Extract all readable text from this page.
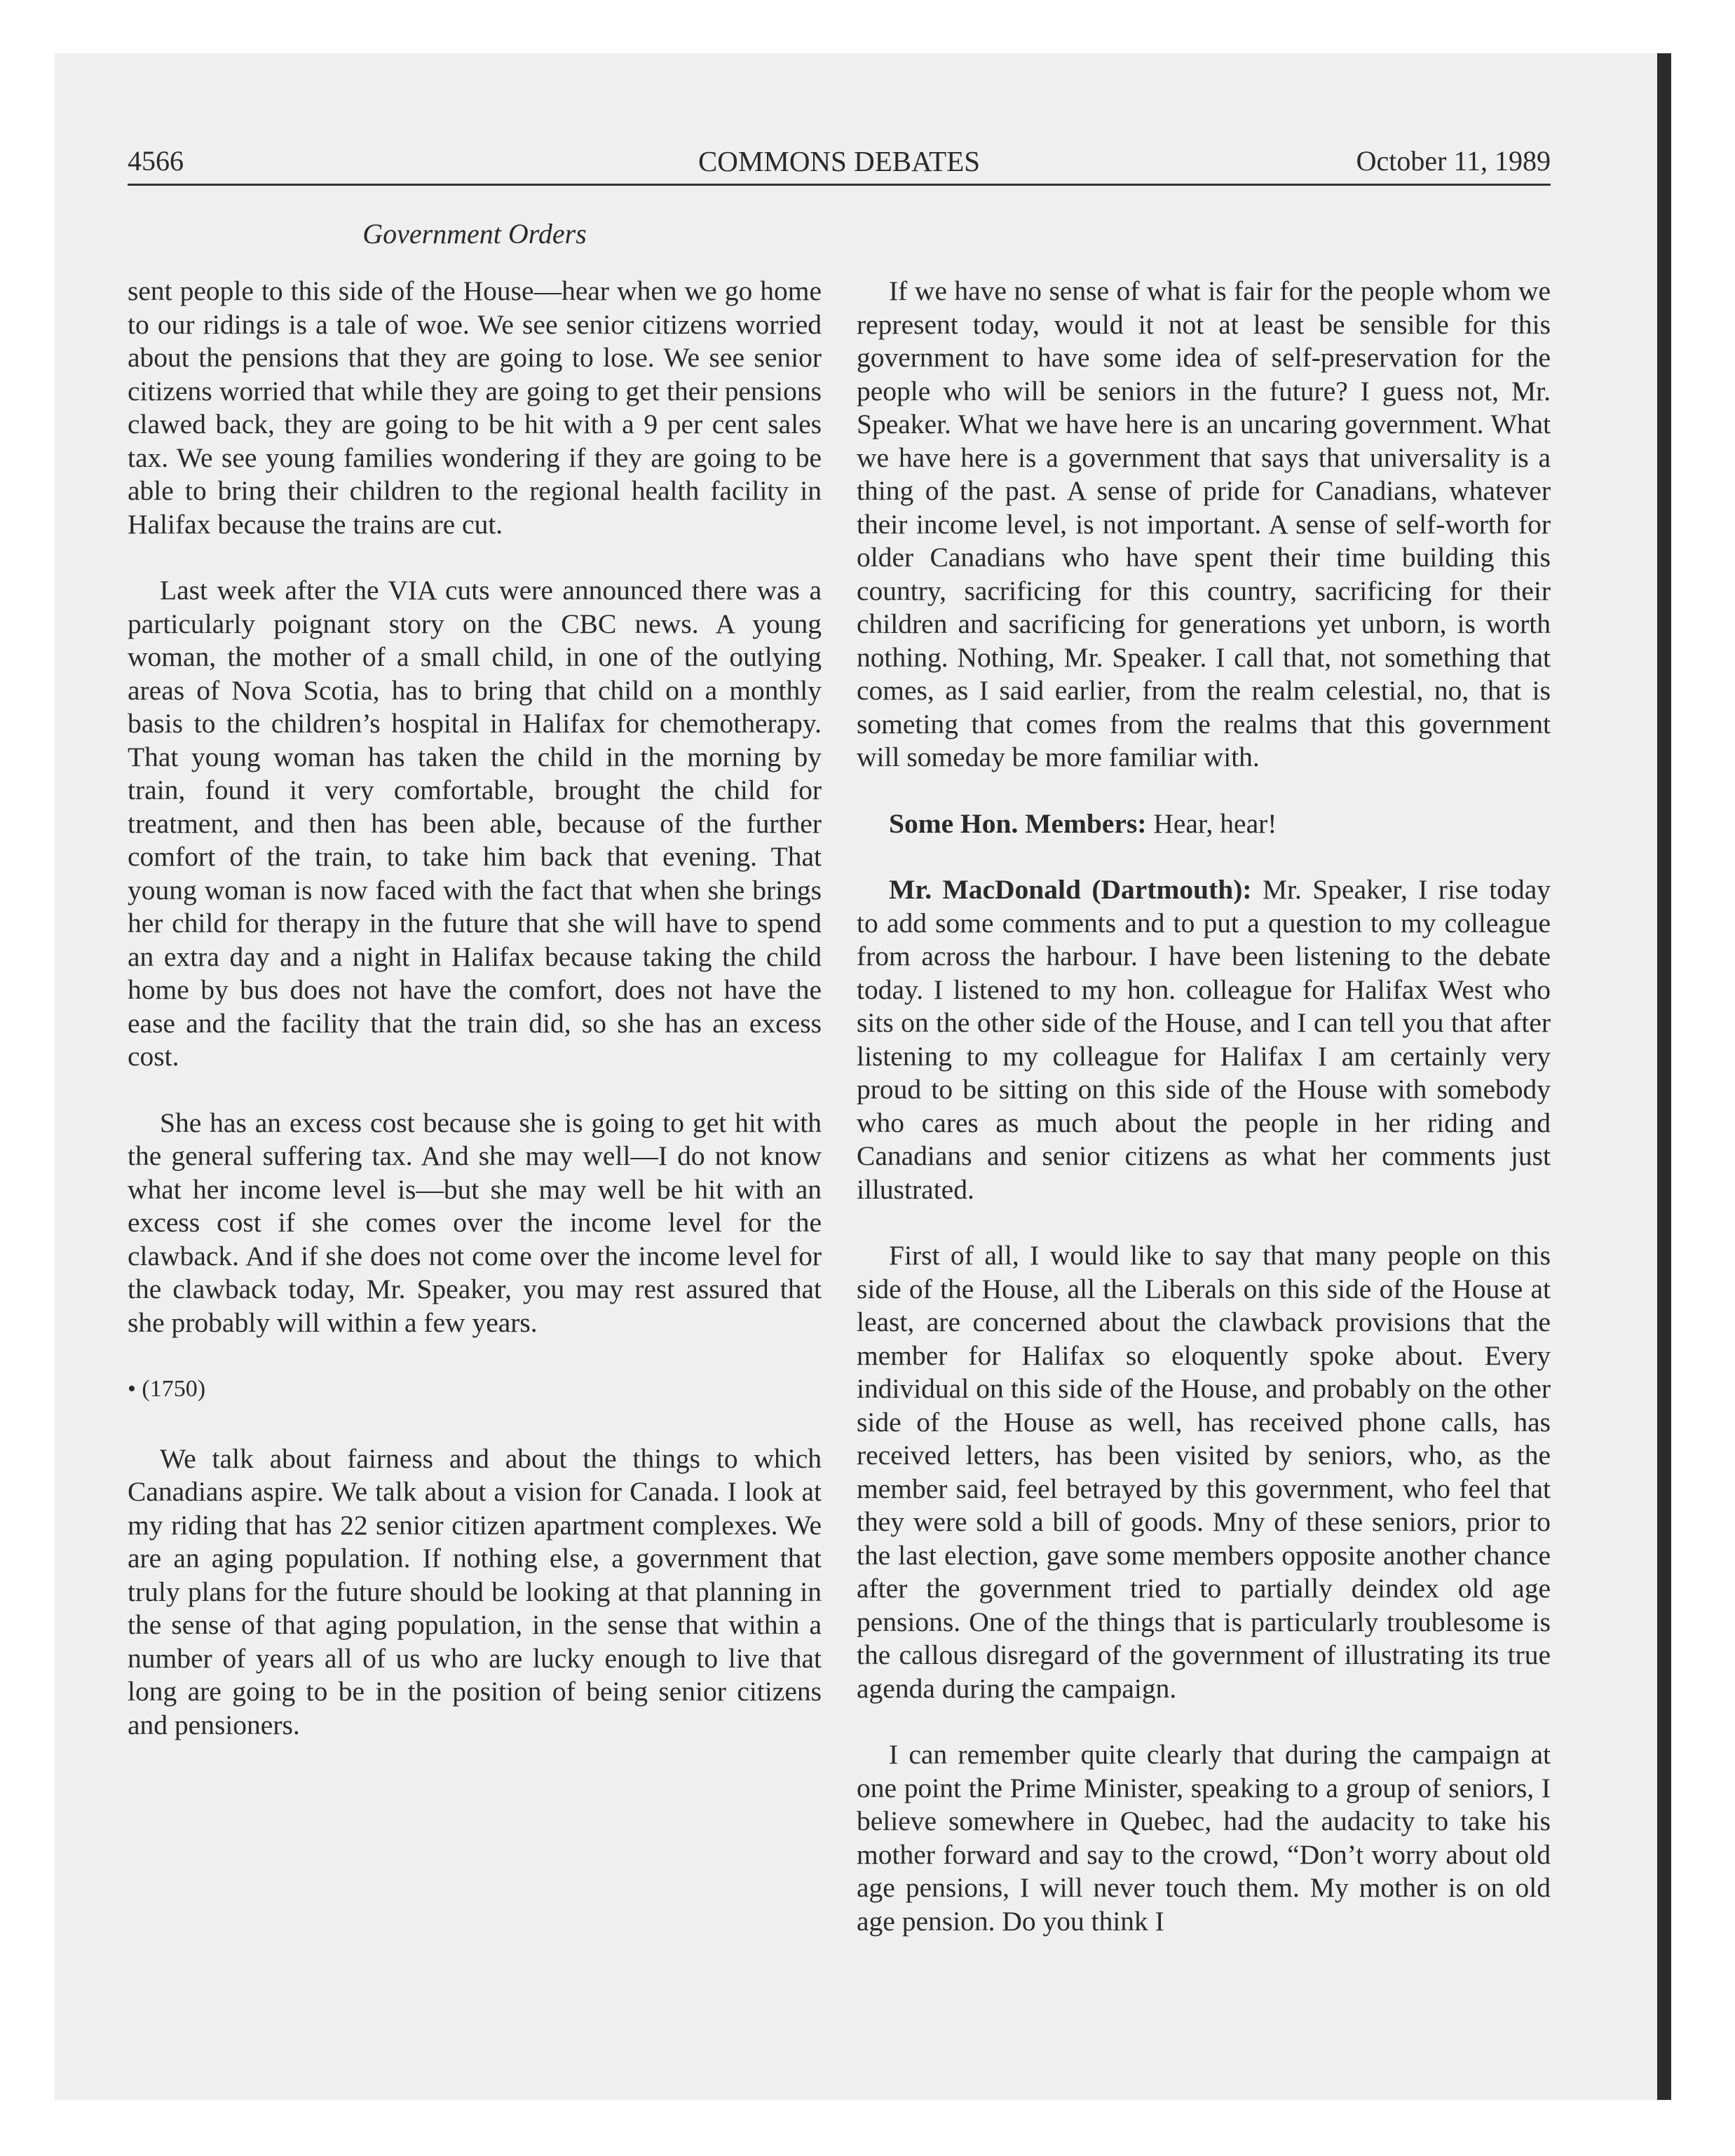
4566	COMMONS DEBATES	October 11, 1989
Government Orders

sent people to this side of the House—hear when we go home to our ridings is a tale of woe. We see senior citizens worried about the pensions that they are going to lose. We see senior citizens worried that while they are going to get their pensions clawed back, they are going to be hit with a 9 per cent sales tax. We see young families wondering if they are going to be able to bring their children to the regional health facility in Halifax because the trains are cut.

Last week after the VIA cuts were announced there was a particularly poignant story on the CBC news. A young woman, the mother of a small child, in one of the outlying areas of Nova Scotia, has to bring that child on a monthly basis to the children’s hospital in Halifax for chemotherapy. That young woman has taken the child in the morning by train, found it very comfortable, brought the child for treatment, and then has been able, because of the further comfort of the train, to take him back that evening. That young woman is now faced with the fact that when she brings her child for therapy in the future that she will have to spend an extra day and a night in Halifax because taking the child home by bus does not have the comfort, does not have the ease and the facility that the train did, so she has an excess cost.

She has an excess cost because she is going to get hit with the general suffering tax. And she may well—I do not know what her income level is—but she may well be hit with an excess cost if she comes over the income level for the clawback. And if she does not come over the income level for the clawback today, Mr. Speaker, you may rest assured that she probably will within a few years.

• (1750)

We talk about fairness and about the things to which Canadians aspire. We talk about a vision for Canada. I look at my riding that has 22 senior citizen apartment complexes. We are an aging population. If nothing else, a government that truly plans for the future should be looking at that planning in the sense of that aging population, in the sense that within a number of years all of us who are lucky enough to live that long are going to be in the position of being senior citizens and pensioners.

If we have no sense of what is fair for the people whom we represent today, would it not at least be sensible for this government to have some idea of self-preservation for the people who will be seniors in the future? I guess not, Mr. Speaker. What we have here is an uncaring government. What we have here is a government that says that universality is a thing of the past. A sense of pride for Canadians, whatever their income level, is not important. A sense of self-worth for older Canadians who have spent their time building this country, sacrificing for this country, sacrificing for their children and sacrificing for generations yet unborn, is worth nothing. Nothing, Mr. Speaker. I call that, not something that comes, as I said earlier, from the realm celestial, no, that is someting that comes from the realms that this government will someday be more familiar with.

Some Hon. Members: Hear, hear!

Mr. MacDonald (Dartmouth): Mr. Speaker, I rise today to add some comments and to put a question to my colleague from across the harbour. I have been listening to the debate today. I listened to my hon. colleague for Halifax West who sits on the other side of the House, and I can tell you that after listening to my colleague for Halifax I am certainly very proud to be sitting on this side of the House with somebody who cares as much about the people in her riding and Canadians and senior citizens as what her comments just illustrated.

First of all, I would like to say that many people on this side of the House, all the Liberals on this side of the House at least, are concerned about the clawback provisions that the member for Halifax so eloquently spoke about. Every individual on this side of the House, and probably on the other side of the House as well, has received phone calls, has received letters, has been visited by seniors, who, as the member said, feel betrayed by this government, who feel that they were sold a bill of goods. Mny of these seniors, prior to the last election, gave some members opposite another chance after the government tried to partially deindex old age pensions. One of the things that is particularly troublesome is the callous disregard of the government of illustrating its true agenda during the campaign.

I can remember quite clearly that during the campaign at one point the Prime Minister, speaking to a group of seniors, I believe somewhere in Quebec, had the audacity to take his mother forward and say to the crowd, “Don’t worry about old age pensions, I will never touch them. My mother is on old age pension. Do you think I
